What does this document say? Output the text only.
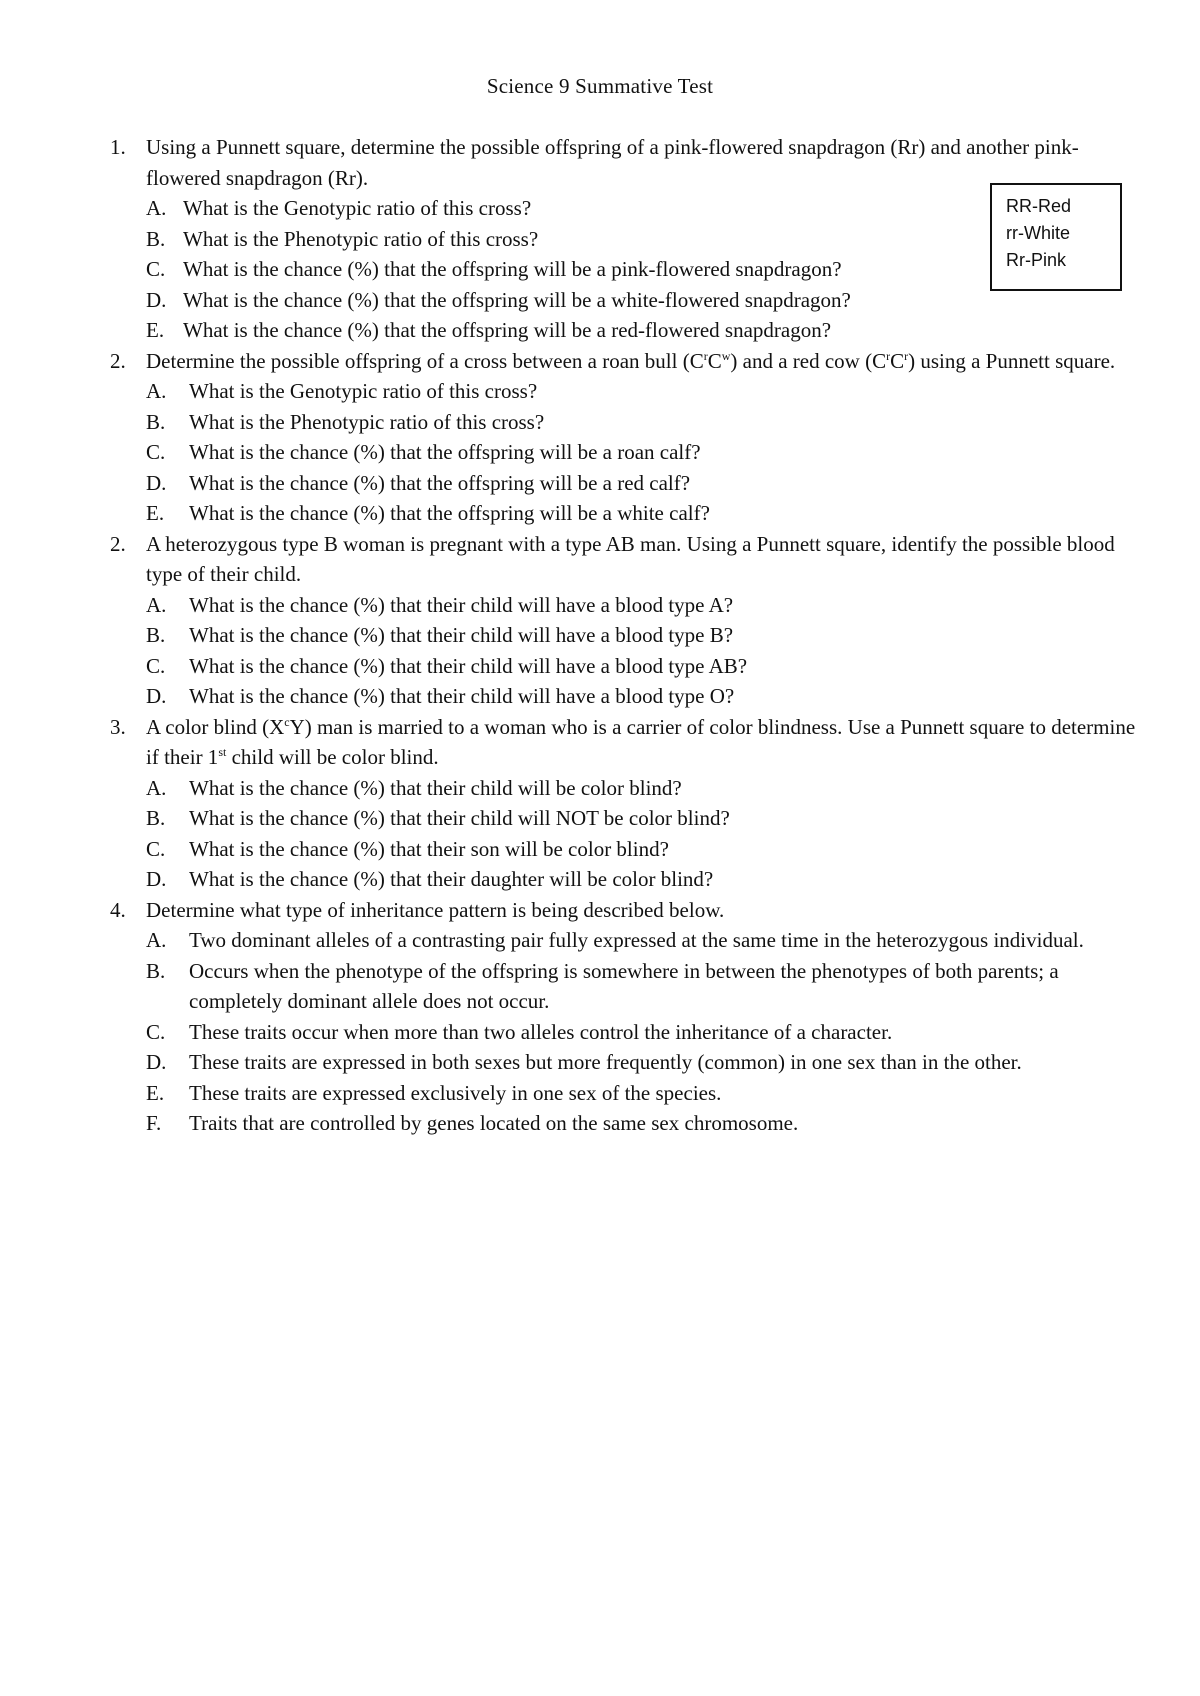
Science 9 Summative Test
RR-Red
rr-White
Rr-Pink
1. Using a Punnett square, determine the possible offspring of a pink-flowered snapdragon (Rr) and another pink-flowered snapdragon (Rr).
A. What is the Genotypic ratio of this cross?
B. What is the Phenotypic ratio of this cross?
C. What is the chance (%) that the offspring will be a pink-flowered snapdragon?
D. What is the chance (%) that the offspring will be a white-flowered snapdragon?
E. What is the chance (%) that the offspring will be a red-flowered snapdragon?
2. Determine the possible offspring of a cross between a roan bull $(C^rC^w)$ and a red cow $(C^rC^r)$ using a Punnett square.
A.	What is the Genotypic ratio of this cross?
B.	What is the Phenotypic ratio of this cross?
C.	What is the chance (%) that the offspring will be a roan calf?
D.	What is the chance (%) that the offspring will be a red calf?
E.	What is the chance (%) that the offspring will be a white calf?
2. A heterozygous type B woman is pregnant with a type AB man. Using a Punnett square, identify the possible blood type of their child.
A.	What is the chance (%) that their child will have a blood type A?
B.	What is the chance (%) that their child will have a blood type B?
C.	What is the chance (%) that their child will have a blood type AB?
D.	What is the chance (%) that their child will have a blood type O?
3. A color blind $(X^cY)$ man is married to a woman who is a carrier of color blindness. Use a Punnett square to determine if their 1st child will be color blind.
A.	What is the chance (%) that their child will be color blind?
B.	What is the chance (%) that their child will NOT be color blind?
C.	What is the chance (%) that their son will be color blind?
D.	What is the chance (%) that their daughter will be color blind?
4. Determine what type of inheritance pattern is being described below.
A.	Two dominant alleles of a contrasting pair fully expressed at the same time in the heterozygous individual.
B.	Occurs when the phenotype of the offspring is somewhere in between the phenotypes of both parents; a completely dominant allele does not occur.
C.	These traits occur when more than two alleles control the inheritance of a character.
D.	These traits are expressed in both sexes but more frequently (common) in one sex than in the other.
E.	These traits are expressed exclusively in one sex of the species.
F.	Traits that are controlled by genes located on the same sex chromosome.
